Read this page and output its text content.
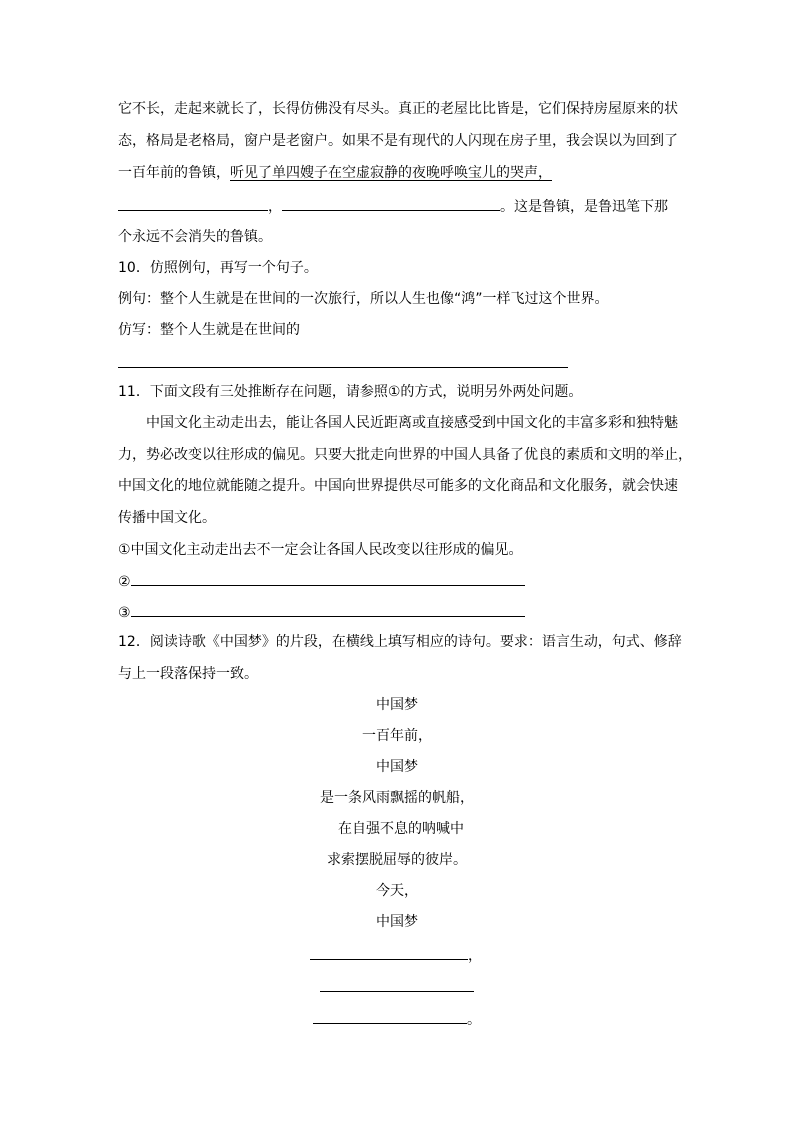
它不长，走起来就长了，长得仿佛没有尽头。真正的老屋比比皆是，它们保持房屋原来的状
态，格局是老格局，窗户是老窗户。如果不是有现代的人闪现在房子里，我会误以为回到了
一百年前的鲁镇，听见了单四嫂子在空虚寂静的夜晚呼唤宝儿的哭声，
，	。这是鲁镇，是鲁迅笔下那
个永远不会消失的鲁镇。
10．仿照例句，再写一个句子。
例句：整个人生就是在世间的一次旅行，所以人生也像“鸿”一样飞过这个世界。
仿写：整个人生就是在世间的
11．下面文段有三处推断存在问题，请参照①的方式，说明另外两处问题。
中国文化主动走出去，能让各国人民近距离或直接感受到中国文化的丰富多彩和独特魅
力，势必改变以往形成的偏见。只要大批走向世界的中国人具备了优良的素质和文明的举止，
中国文化的地位就能随之提升。中国向世界提供尽可能多的文化商品和文化服务，就会快速
传播中国文化。
①中国文化主动走出去不一定会让各国人民改变以往形成的偏见。
②
③
12．阅读诗歌《中国梦》的片段，在横线上填写相应的诗句。要求：语言生动，句式、修辞
与上一段落保持一致。
中国梦
一百年前，
中国梦
是一条风雨飘摇的帆船，
在自强不息的呐喊中
求索摆脱屈辱的彼岸。
今天，
中国梦
，
。
